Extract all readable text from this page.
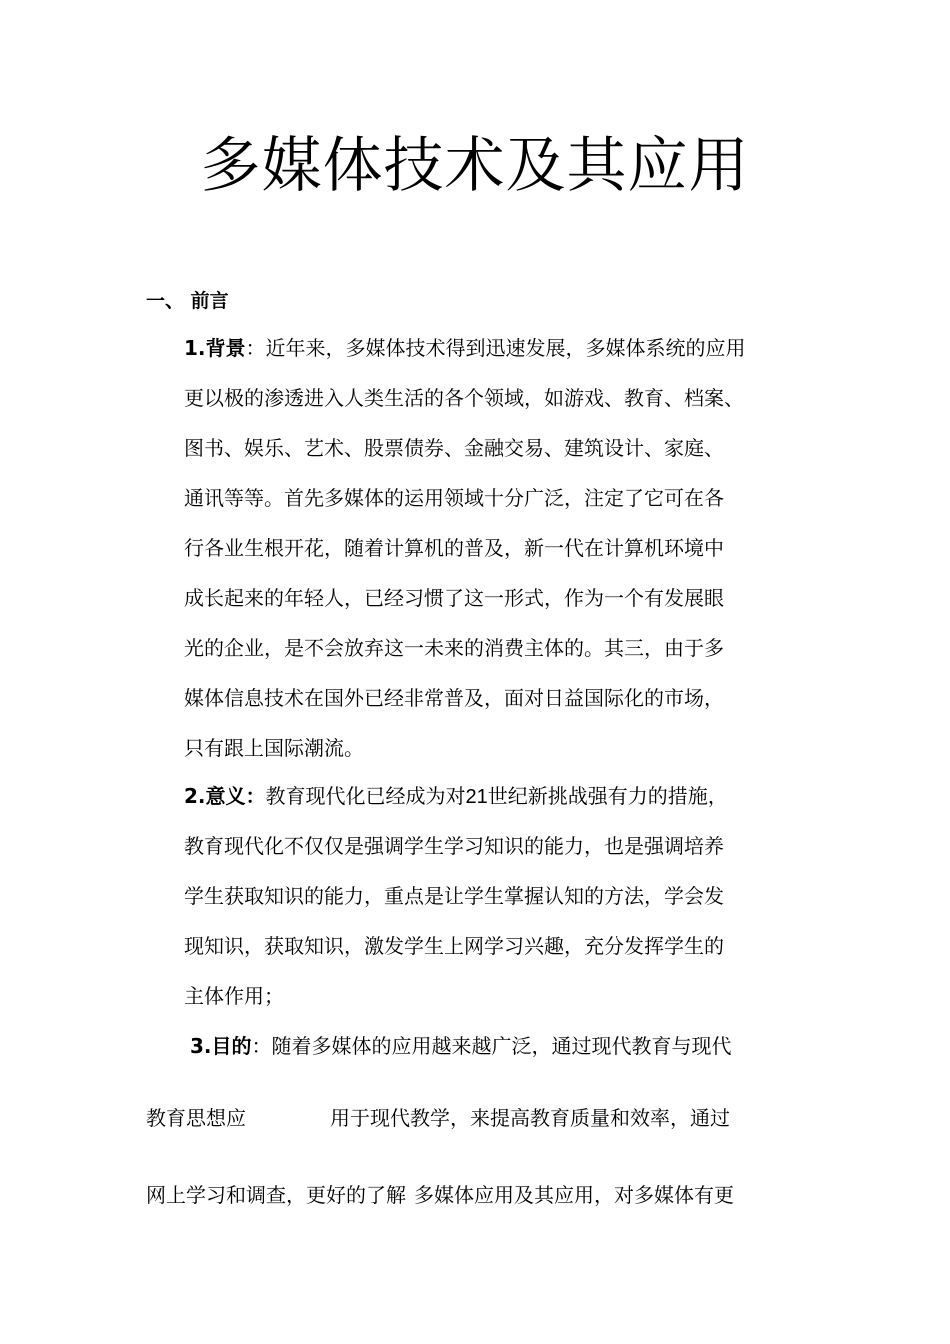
多媒体技术及其应用
一、 前言
1.背景：近年来，多媒体技术得到迅速发展，多媒体系统的应用
更以极的渗透进入人类生活的各个领域，如游戏、教育、档案、
图书、娱乐、艺术、股票债券、金融交易、建筑设计、家庭、
通讯等等。首先多媒体的运用领域十分广泛，注定了它可在各
行各业生根开花，随着计算机的普及，新一代在计算机环境中
成长起来的年轻人，已经习惯了这一形式，作为一个有发展眼
光的企业，是不会放弃这一未来的消费主体的。其三，由于多
媒体信息技术在国外已经非常普及，面对日益国际化的市场，
只有跟上国际潮流。
2.意义：教育现代化已经成为对21世纪新挑战强有力的措施，
教育现代化不仅仅是强调学生学习知识的能力，也是强调培养
学生获取知识的能力，重点是让学生掌握认知的方法，学会发
现知识，获取知识，激发学生上网学习兴趣，充分发挥学生的
主体作用；
3.目的：随着多媒体的应用越来越广泛，通过现代教育与现代
教育思想应	用于现代教学，来提高教育质量和效率，通过
网上学习和调查，更好的了解 多媒体应用及其应用，对多媒体有更
